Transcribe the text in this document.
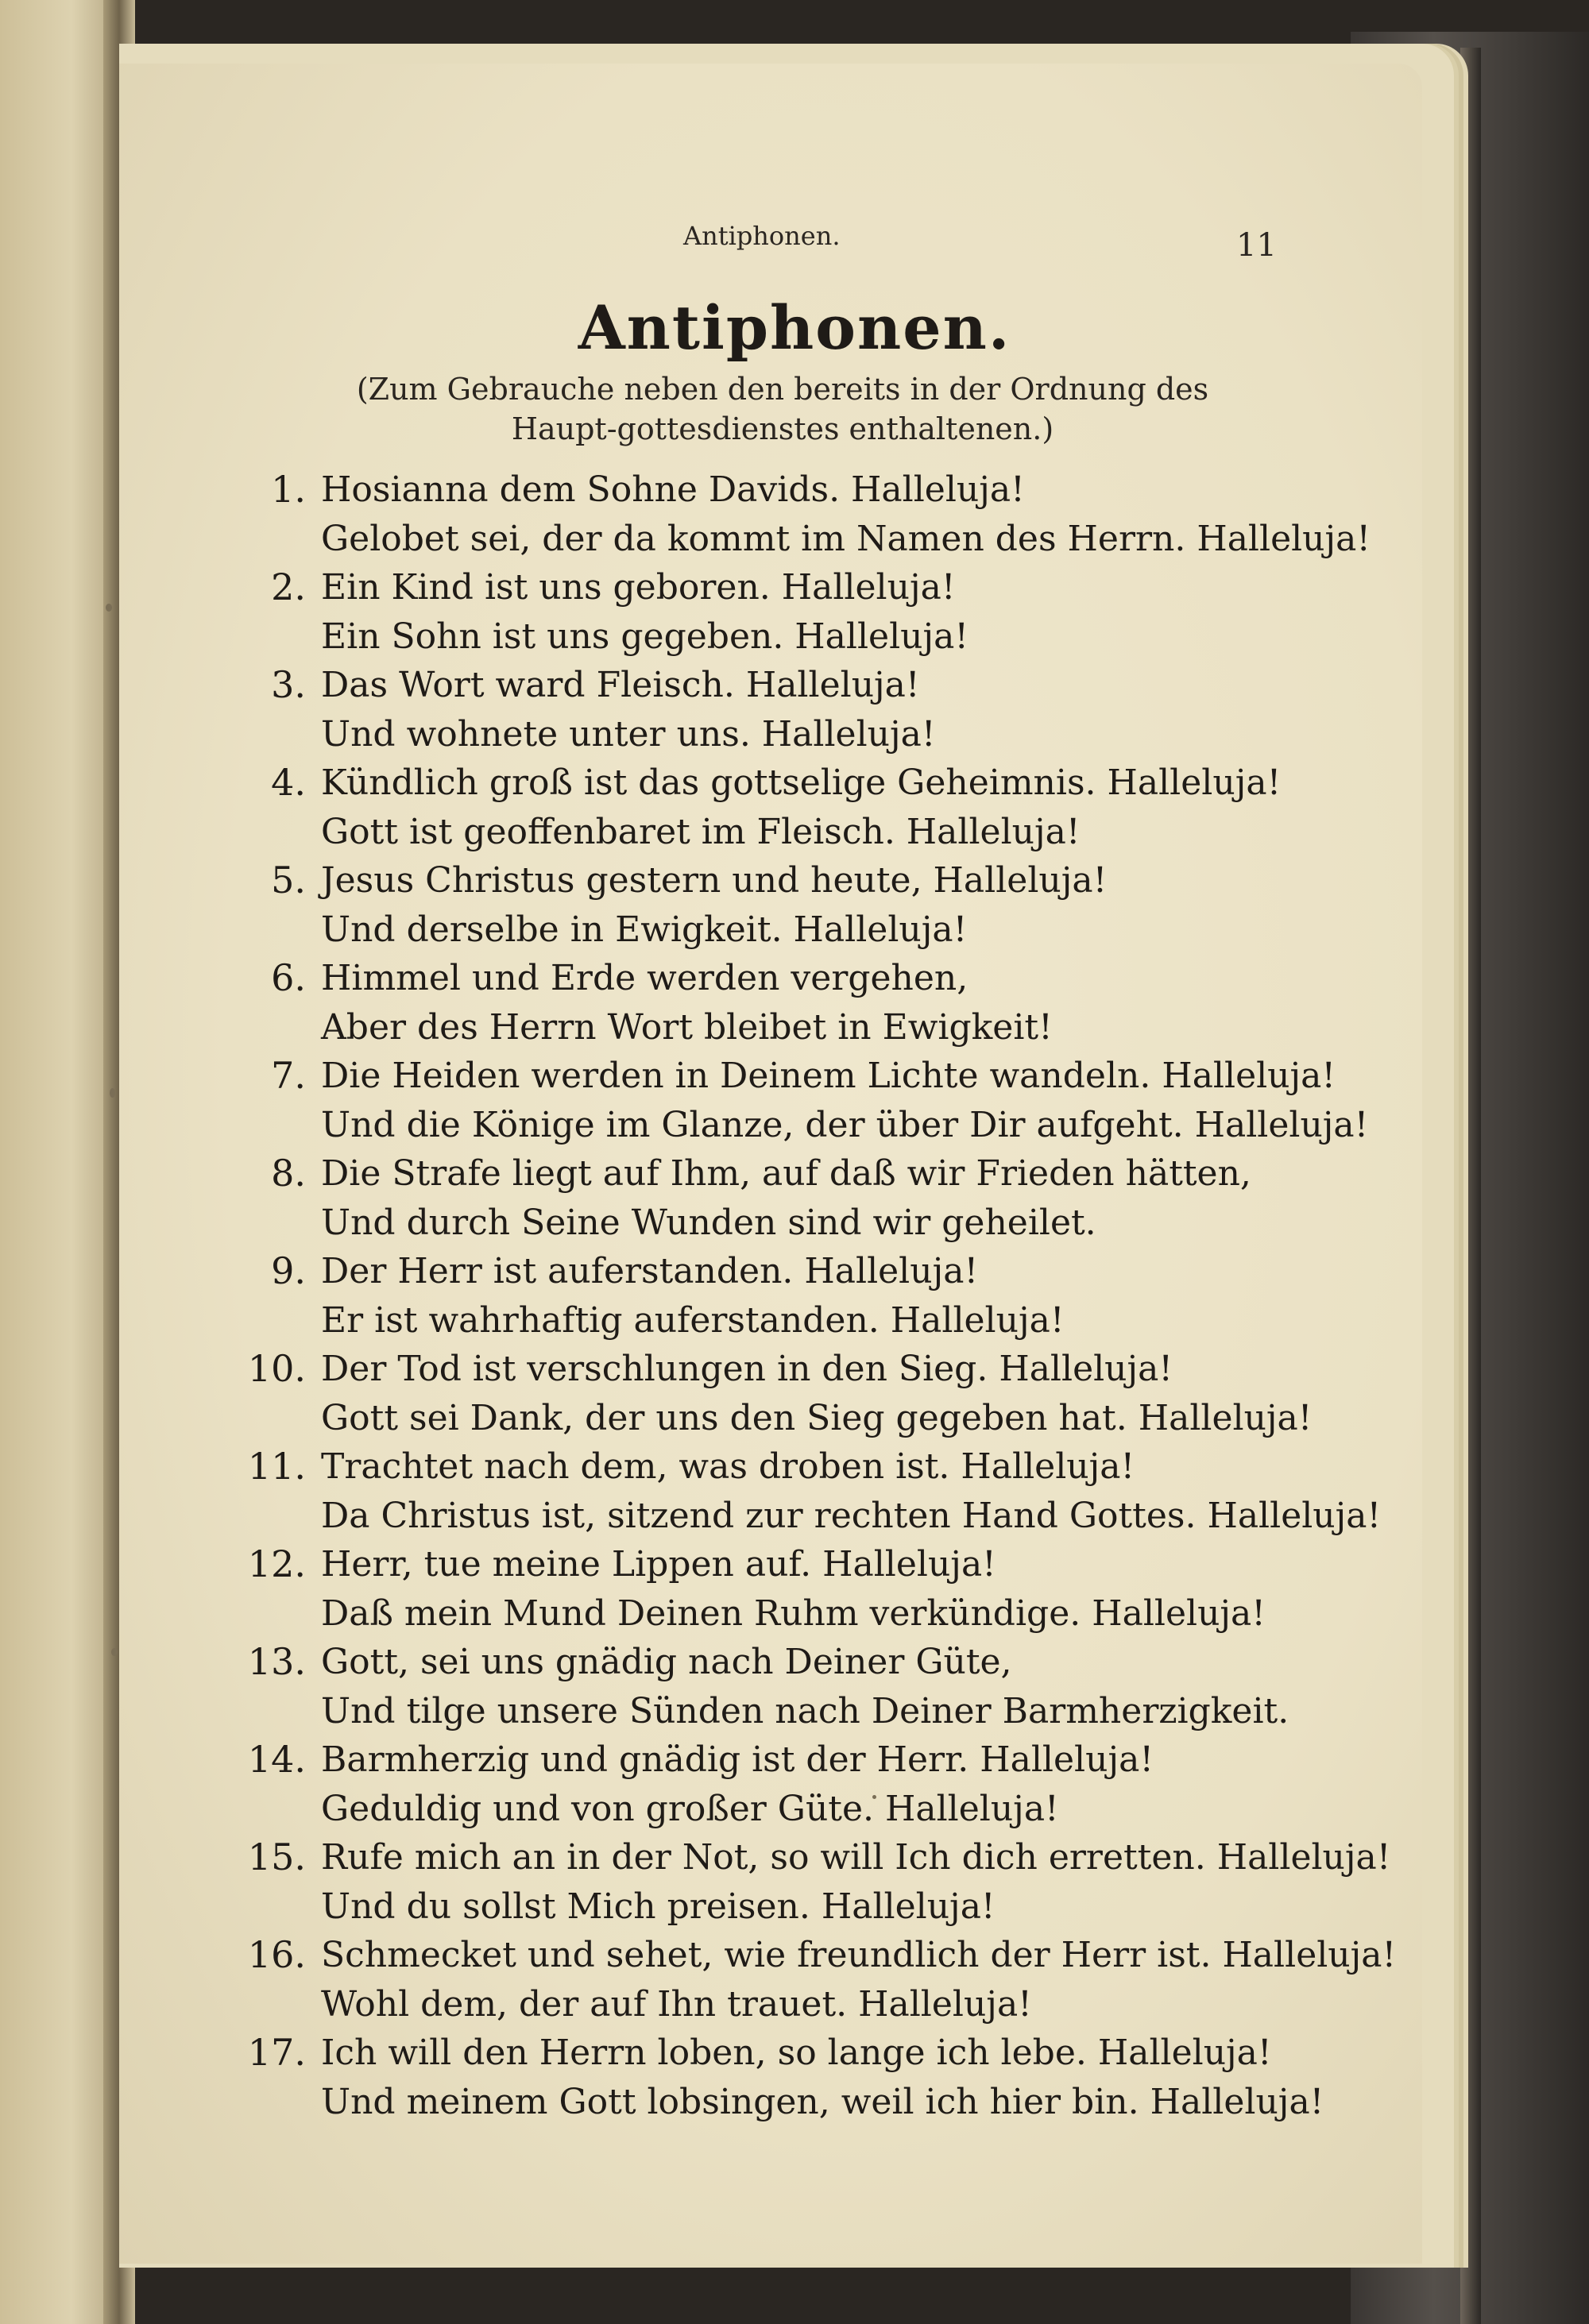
Antiphonen.	11
Antiphonen.
(Zum Gebrauche neben den bereits in der Ordnung des Haupt-gottesdienstes enthaltenen.)
1. Hosianna dem Sohne Davids. Halleluja!
Gelobet sei, der da kommt im Namen des Herrn. Halleluja!
2. Ein Kind ist uns geboren. Halleluja!
Ein Sohn ist uns gegeben. Halleluja!
3. Das Wort ward Fleisch. Halleluja!
Und wohnete unter uns. Halleluja!
4. Kündlich groß ist das gottselige Geheimnis. Halleluja!
Gott ist geoffenbaret im Fleisch. Halleluja!
5. Jesus Christus gestern und heute, Halleluja!
Und derselbe in Ewigkeit. Halleluja!
6. Himmel und Erde werden vergehen,
Aber des Herrn Wort bleibet in Ewigkeit!
7. Die Heiden werden in Deinem Lichte wandeln. Halleluja!
Und die Könige im Glanze, der über Dir aufgeht. Halleluja!
8. Die Strafe liegt auf Ihm, auf daß wir Frieden hätten,
Und durch Seine Wunden sind wir geheilet.
9. Der Herr ist auferstanden. Halleluja!
Er ist wahrhaftig auferstanden. Halleluja!
10. Der Tod ist verschlungen in den Sieg. Halleluja!
Gott sei Dank, der uns den Sieg gegeben hat. Halleluja!
11. Trachtet nach dem, was droben ist. Halleluja!
Da Christus ist, sitzend zur rechten Hand Gottes. Halleluja!
12. Herr, tue meine Lippen auf. Halleluja!
Daß mein Mund Deinen Ruhm verkündige. Halleluja!
13. Gott, sei uns gnädig nach Deiner Güte,
Und tilge unsere Sünden nach Deiner Barmherzigkeit.
14. Barmherzig und gnädig ist der Herr. Halleluja!
Geduldig und von großer Güte. Halleluja!
15. Rufe mich an in der Not, so will Ich dich erretten. Halleluja!
Und du sollst Mich preisen. Halleluja!
16. Schmecket und sehet, wie freundlich der Herr ist. Halleluja!
Wohl dem, der auf Ihn trauet. Halleluja!
17. Ich will den Herrn loben, so lange ich lebe. Halleluja!
Und meinem Gott lobsingen, weil ich hier bin. Halleluja!
